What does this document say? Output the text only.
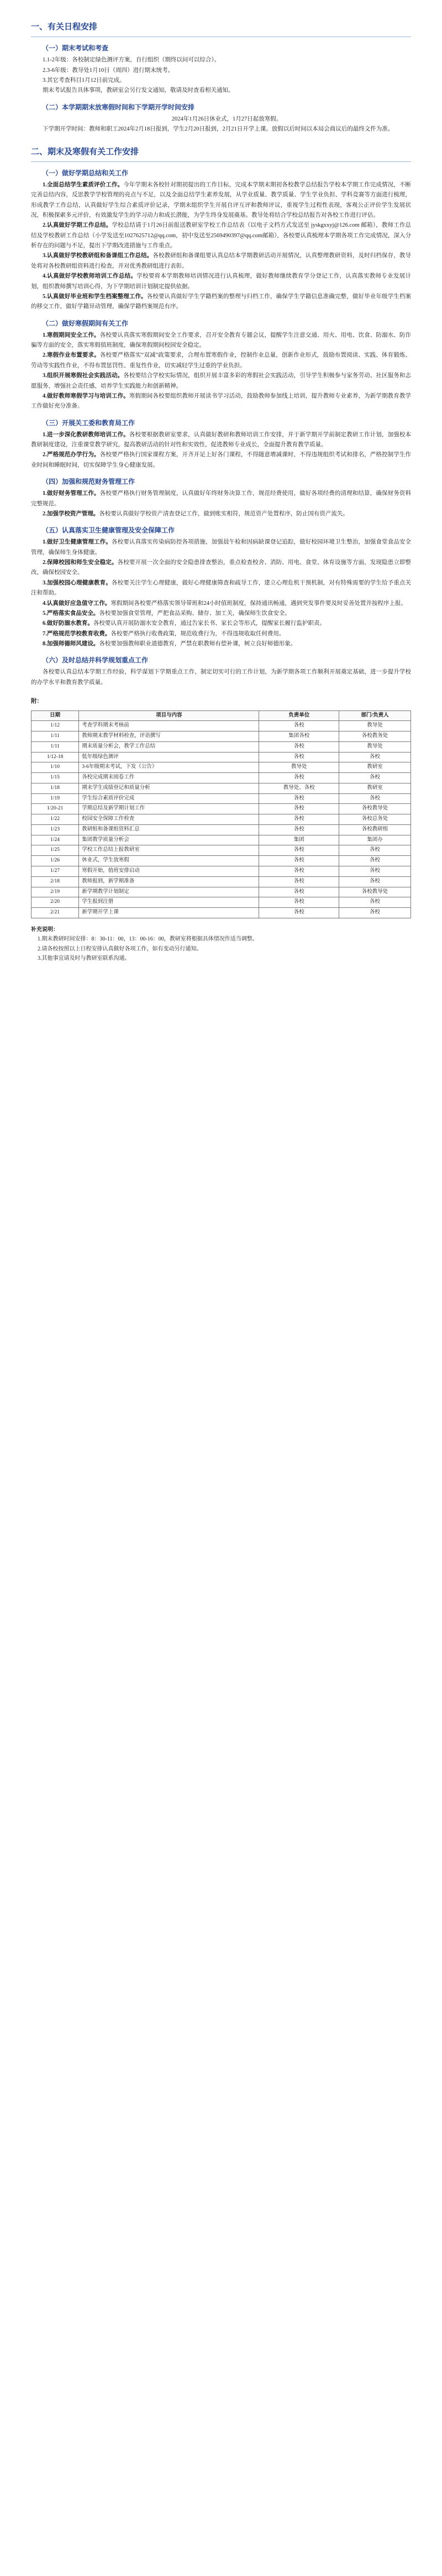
一、有关日程安排
（一）期末考试和考查

1.1-2年级：各校制定绿色测评方案，自行组织（期终以问可以综合）。

2.3-6年级：教导处1月10日（周四）进行期末统考。

3.其它考查科目1月12日前完成。

期末考试报告具体事项，教研室会另行发文通知，敬请及时查看相关通知。

（二）本学期期末放寒假时间和下学期开学时间安排

2024年1月26日休业式，1月27日起放寒假。

下学期开学时间：教师和职工2024年2月18日报到，学生2月20日报到，2月21日开学上课。放假以后时间以本局会商议后的最终文件为准。

二、期末及寒假有关工作安排
（一）做好学期总结和关工作

1.全面总结学生素质评价工作。今年学期末各校针对期初提出的工作目标，完成本学期末期初各校教学总结报告学校本学期工作完成情况，不断完善总结内容，反思教学学校管理的亮点与不足，以及全面总结学生素养发展，从学业质量、教学质量、学生学业负担、学科竞赛等方面进行梳理，形成教学工作总结，认真做好学生综合素质评价记录，学期末组织学生开展自评互评和教师评议，重视学生过程性表现，客观公正评价学生发展状况，积极探索多元评价，有效激发学生的学习动力和成长潜能，为学生终身发展奠基。教导处将结合学校总结报告对各校工作进行评估。

2.认真做好学期工作总结。学校总结请于1月26日前报送教研室学校工作总结表（以电子文档方式发送至 jyskgxxyj@126.com 邮箱），教师工作总结及学校教研工作总结（小学发送至1027625712@qq.com，初中发送至2569490397@qq.com邮箱），各校要认真梳理本学期各项工作完成情况，深入分析存在的问题与不足，提出下学期改进措施与工作重点。

3.认真做好学校教研组和备课组工作总结。各校教研组和备课组要认真总结本学期教研活动开展情况，认真整理教研资料，及时归档保存，教导处将对各校教研组资料进行检查，并对优秀教研组进行表彰。

4.认真做好学校教师培训工作总结。学校要将本学期教师培训情况进行认真梳理，做好教师继续教育学分登记工作，认真落实教师专业发展计划，组织教师撰写培训心得，为下学期培训计划制定提供依据。

5.认真做好毕业班和学生档案整理工作。各校要认真做好学生学籍档案的整理与归档工作，确保学生学籍信息准确完整，做好毕业年级学生档案的移交工作，做好学籍异动管理，确保学籍档案规范有序。

（二）做好寒假期间有关工作

1.寒假期间安全工作。各校要认真落实寒假期间安全工作要求，召开安全教育专题会议，提醒学生注意交通、用火、用电、饮食、防溺水、防诈骗等方面的安全，落实寒假值班制度，确保寒假期间校园安全稳定。

2.寒假作业布置要求。各校要严格落实“双减”政策要求，合理布置寒假作业，控制作业总量，创新作业形式，鼓励布置阅读、实践、体育锻炼、劳动等实践性作业，不得布置惩罚性、重复性作业，切实减轻学生过重的学业负担。

3.组织开展寒假社会实践活动。各校要结合学校实际情况，组织开展丰富多彩的寒假社会实践活动，引导学生积极参与家务劳动、社区服务和志愿服务，增强社会责任感，培养学生实践能力和创新精神。

4.做好教师寒假学习与培训工作。寒假期间各校要组织教师开展读书学习活动，鼓励教师参加线上培训，提升教师专业素养，为新学期教育教学工作做好充分准备。

（三）开展关工委和教育局工作

1.进一步深化教研教师培训工作。各校要根据教研室要求，认真做好教研和教师培训工作安排，并于新学期开学前制定教研工作计划，加强校本教研制度建设，注重课堂教学研究，提高教研活动的针对性和实效性，促进教师专业成长，全面提升教育教学质量。

2.严格规范办学行为。各校要严格执行国家课程方案，开齐开足上好各门课程，不得随意增减课时，不得违规组织考试和排名，严格控制学生作业时间和睡眠时间，切实保障学生身心健康发展。

（四）加强和规范财务管理工作

1.做好财务管理工作。各校要严格执行财务管理制度，认真做好年终财务决算工作，规范经费使用，做好各项经费的清理和结算，确保财务资料完整规范。

2.加强学校资产管理。各校要认真做好学校资产清查登记工作，做到账实相符，规范资产处置程序，防止国有资产流失。

（五）认真落实卫生健康管理及安全保障工作

1.做好卫生健康管理工作。各校要认真落实传染病防控各项措施，加强晨午检和因病缺课登记追踪，做好校园环境卫生整治，加强食堂食品安全管理，确保师生身体健康。

2.保障校园和师生安全稳定。各校要开展一次全面的安全隐患排查整治，重点检查校舍、消防、用电、食堂、体育设施等方面，发现隐患立即整改，确保校园安全。

3.加强校园心理健康教育。各校要关注学生心理健康，做好心理健康筛查和疏导工作，建立心理危机干预机制，对有特殊需要的学生给予重点关注和帮助。

4.认真做好应急值守工作。寒假期间各校要严格落实领导带班和24小时值班制度，保持通讯畅通，遇到突发事件要及时妥善处置并按程序上报。

5.严格落实食品安全。各校要加强食堂管理，严把食品采购、储存、加工关，确保师生饮食安全。

6.做好防溺水教育。各校要认真开展防溺水安全教育，通过告家长书、家长会等形式，提醒家长履行监护职责。

7.严格规范学校教育收费。各校要严格执行收费政策，规范收费行为，不得违规收取任何费用。

8.加强师德师风建设。各校要加强教师职业道德教育，严禁在职教师有偿补课，树立良好师德形象。

（六）及时总结并科学规划重点工作

各校要认真总结本学期工作经验，科学谋划下学期重点工作，制定切实可行的工作计划，为新学期各项工作顺利开展奠定基础，进一步提升学校的办学水平和教育教学质量。

附：
日期	项目与内容	负责单位	部门/负责人
1/12	考查学科期末考核前	各校	教导处
1/11	教师期末教学材料检查，评语撰写	集团各校	各校教务处
1/11	期末质量分析会，教学工作总结	各校	教导处
1/12-18	低年级绿色测评	各校	各校
1/10	3-6年级期末考试，下发《公告》	教导处	教研室
1/15	各校完成期末阅卷工作	各校	各校
1/18	期末学生成绩登记和质量分析	教导处、各校	教研室
1/19	学生综合素质评价完成	各校	各校
1/20-21	学期总结及新学期计划工作	各校	各校教导处
1/22	校园安全保障工作检查	各校	各校总务处
1/23	教研组和备课组资料汇总	各校	各校教研组
1/24	集团教学质量分析会	集团	集团办
1/25	学校工作总结上报教研室	各校	各校
1/26	休业式，学生放寒假	各校	各校
1/27	寒假开始，值班安排启动	各校	各校
2/18	教师报到，新学期准备	各校	各校
2/19	新学期教学计划制定	各校	各校教导处
2/20	学生报到注册	各校	各校
2/21	新学期开学上课	各校	各校

补充说明：

1.期末教研时间安排：8：30-11：00，13：00-16：00，教研室将根据具体情况作适当调整。

2.请各校按照以上日程安排认真做好各项工作，如有变动另行通知。

3.其他事宜请及时与教研室联系沟通。
